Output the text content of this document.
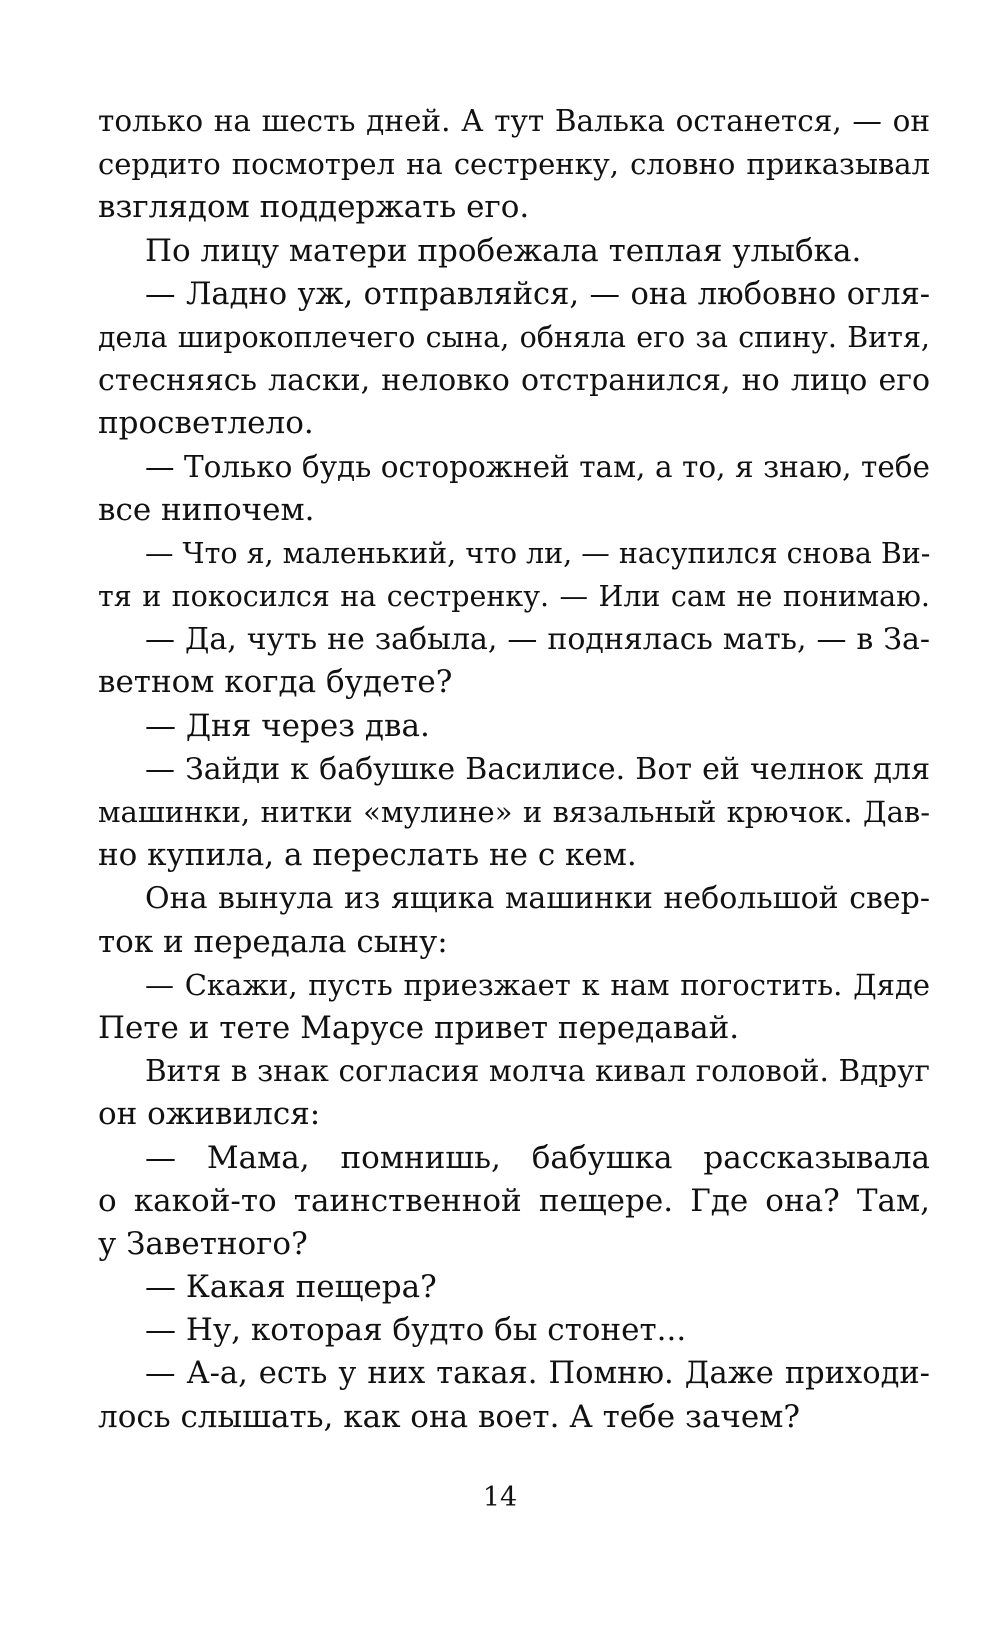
только на шесть дней. А тут Валька останется, — он
сердито посмотрел на сестренку, словно приказывал
взглядом поддержать его.
По лицу матери пробежала теплая улыбка.
— Ладно уж, отправляйся, — она любовно огля-
дела широкоплечего сына, обняла его за спину. Витя,
стесняясь ласки, неловко отстранился, но лицо его
просветлело.
— Только будь осторожней там, а то, я знаю, тебе
все нипочем.
— Что я, маленький, что ли, — насупился снова Ви-
тя и покосился на сестренку. — Или сам не понимаю.
— Да, чуть не забыла, — поднялась мать, — в За-
ветном когда будете?
— Дня через два.
— Зайди к бабушке Василисе. Вот ей челнок для
машинки, нитки «мулине» и вязальный крючок. Дав-
но купила, а переслать не с кем.
Она вынула из ящика машинки небольшой свер-
ток и передала сыну:
— Скажи, пусть приезжает к нам погостить. Дяде
Пете и тете Марусе привет передавай.
Витя в знак согласия молча кивал головой. Вдруг
он оживился:
— Мама, помнишь, бабушка рассказывала
о какой-то таинственной пещере. Где она? Там,
у Заветного?
— Какая пещера?
— Ну, которая будто бы стонет...
— А-а, есть у них такая. Помню. Даже приходи-
лось слышать, как она воет. А тебе зачем?
14
